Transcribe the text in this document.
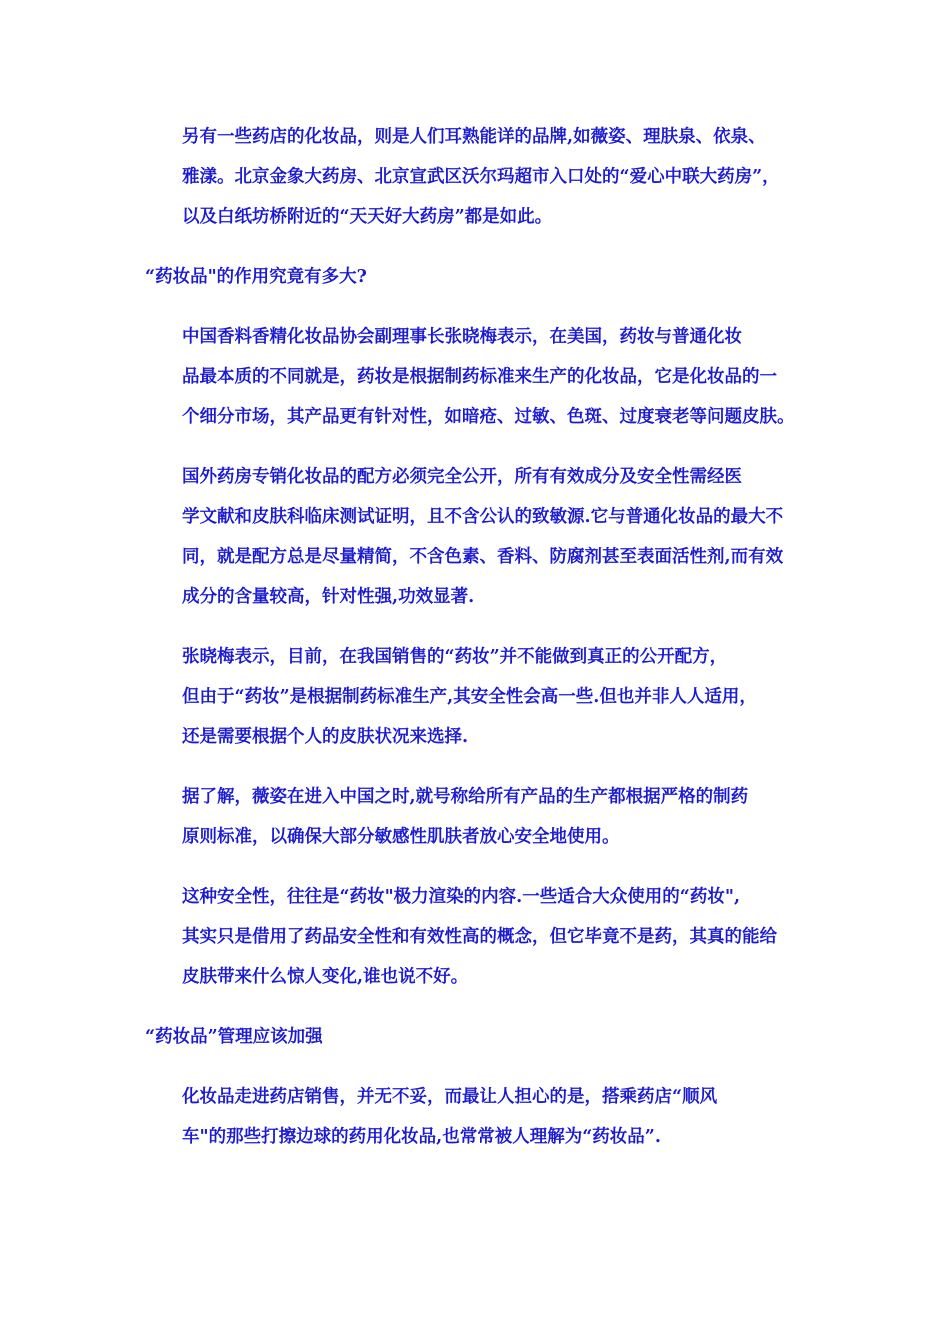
另有一些药店的化妆品，则是人们耳熟能详的品牌,如薇姿、理肤泉、依泉、
雅漾。北京金象大药房、北京宣武区沃尔玛超市入口处的“爱心中联大药房”，
以及白纸坊桥附近的“天天好大药房”都是如此。
“药妆品"的作用究竟有多大?
中国香料香精化妆品协会副理事长张晓梅表示，在美国，药妆与普通化妆
品最本质的不同就是，药妆是根据制药标准来生产的化妆品，它是化妆品的一
个细分市场，其产品更有针对性，如暗疮、过敏、色斑、过度衰老等问题皮肤。
国外药房专销化妆品的配方必须完全公开，所有有效成分及安全性需经医
学文献和皮肤科临床测试证明，且不含公认的致敏源.它与普通化妆品的最大不
同，就是配方总是尽量精简，不含色素、香料、防腐剂甚至表面活性剂,而有效
成分的含量较高，针对性强,功效显著.
张晓梅表示，目前，在我国销售的“药妆”并不能做到真正的公开配方，
但由于“药妆”是根据制药标准生产,其安全性会高一些.但也并非人人适用，
还是需要根据个人的皮肤状况来选择.
据了解，薇姿在进入中国之时,就号称给所有产品的生产都根据严格的制药
原则标准，以确保大部分敏感性肌肤者放心安全地使用。
这种安全性，往往是“药妆"极力渲染的内容.一些适合大众使用的“药妆",
其实只是借用了药品安全性和有效性高的概念，但它毕竟不是药，其真的能给
皮肤带来什么惊人变化,谁也说不好。
“药妆品”管理应该加强
化妆品走进药店销售，并无不妥，而最让人担心的是，搭乘药店“顺风
车"的那些打擦边球的药用化妆品,也常常被人理解为“药妆品”.
